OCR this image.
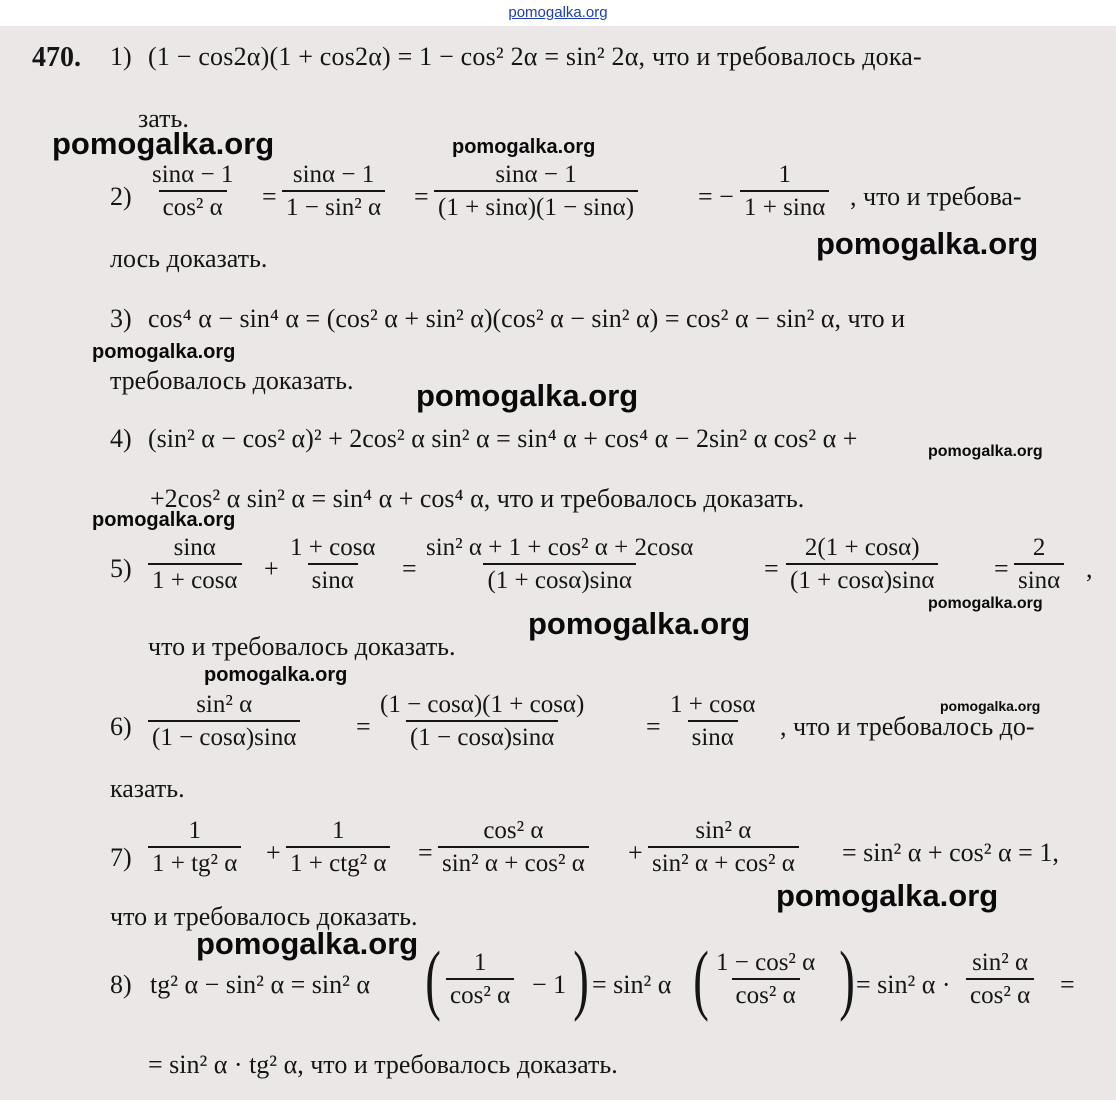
pomogalka.org
470. 1) (1 − cos2α)(1 + cos2α) = 1 − cos² 2α = sin² 2α, что и требовалось дока-
зать.
2)
sinα − 1
cos² α =
sinα − 1
1 − sin² α =
sinα − 1
(1 + sinα)(1 − sinα) = −
1
1 + sinα , что и требова-
лось доказать.
3) cos⁴ α − sin⁴ α = (cos² α + sin² α)(cos² α − sin² α) = cos² α − sin² α, что и
требовалось доказать.
4) (sin² α − cos² α)² + 2cos² α sin² α = sin⁴ α + cos⁴ α − 2sin² α cos² α +
+2cos² α sin² α = sin⁴ α + cos⁴ α, что и требовалось доказать.
5)
sinα
1 + cosα +
1 + cosα
sinα =
sin² α + 1 + cos² α + 2cosα
(1 + cosα)sinα	=
2(1 + cosα)
(1 + cosα)sinα =
2
sinα ,
что и требовалось доказать.
6)
sin² α
(1 − cosα)sinα =
(1 − cosα)(1 + cosα)
(1 − cosα)sinα	=
1 + cosα
sinα , что и требовалось до-
казать.
7)
1
1 + tg² α +
1
1 + ctg² α =
cos² α
sin² α + cos² α +
sin² α
sin² α + cos² α = sin² α + cos² α = 1,
что и требовалось доказать.
8) tg² α − sin² α = sin² α ( 1
cos² α − 1 ) = sin² α ( 1 − cos² α
cos² α ) = sin² α ·
sin² α
cos² α =
= sin² α · tg² α, что и требовалось доказать.
pomogalka.org	pomogalka.org
pomogalka.org
pomogalka.org
pomogalka.org
pomogalka.org
pomogalka.org
pomogalka.org
pomogalka.org
pomogalka.org
pomogalka.org
pomogalka.org
pomogalka.org
